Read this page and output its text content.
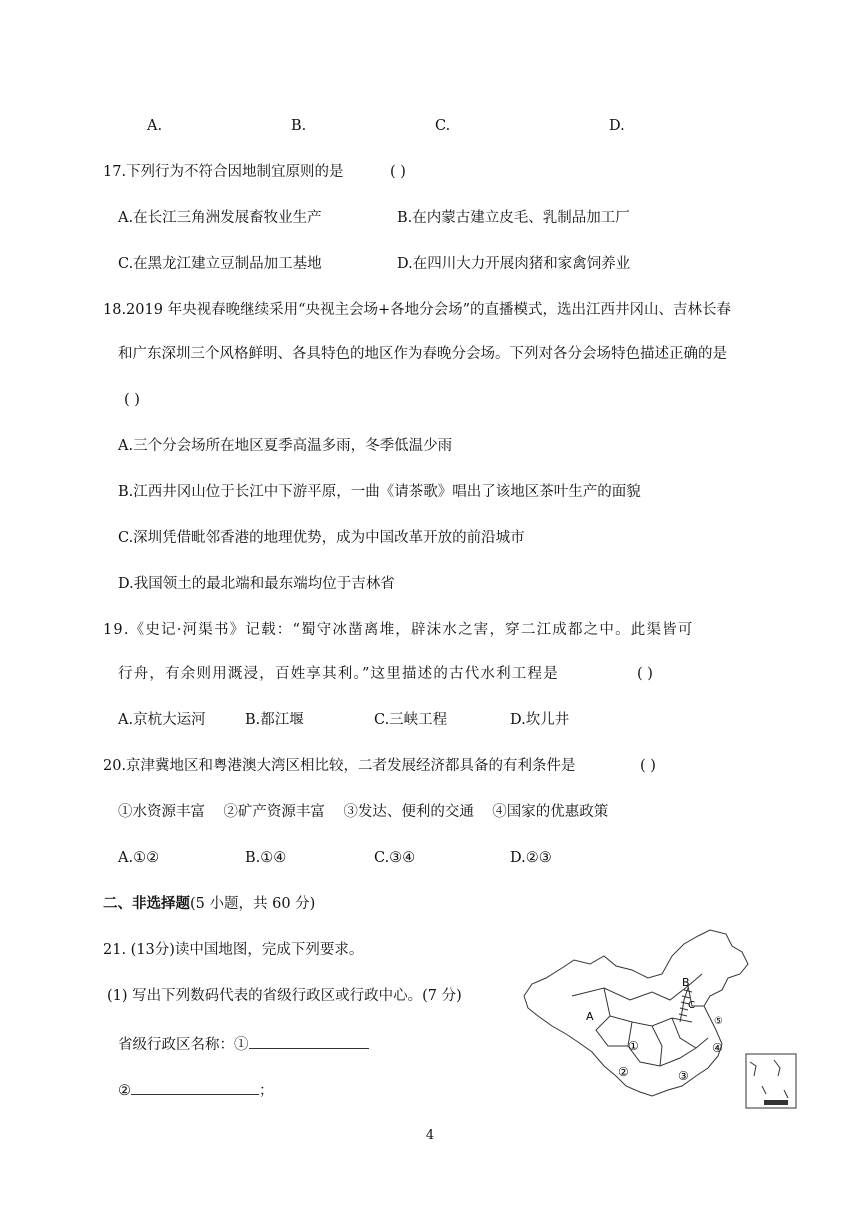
A.	B.	C.	D.
17.下列行为不符合因地制宜原则的是	( )
A.在长江三角洲发展畜牧业生产	B.在内蒙古建立皮毛、乳制品加工厂
C.在黑龙江建立豆制品加工基地	D.在四川大力开展肉猪和家禽饲养业
18.2019 年央视春晚继续采用“央视主会场+各地分会场”的直播模式，选出江西井冈山、吉林长春
和广东深圳三个风格鲜明、各具特色的地区作为春晚分会场。下列对各分会场特色描述正确的是
( )
A.三个分会场所在地区夏季高温多雨，冬季低温少雨
B.江西井冈山位于长江中下游平原，一曲《请茶歌》唱出了该地区茶叶生产的面貌
C.深圳凭借毗邻香港的地理优势，成为中国改革开放的前沿城市
D.我国领土的最北端和最东端均位于吉林省
19.《史记·河渠书》记载：“蜀守冰凿离堆，辟沫水之害，穿二江成都之中。此渠皆可
行舟，有余则用溉浸，百姓享其利。”这里描述的古代水利工程是	( )
A.京杭大运河	B.都江堰	C.三峡工程	D.坎儿井
20.京津冀地区和粤港澳大湾区相比较，二者发展经济都具备的有利条件是	( )
①水资源丰富    ②矿产资源丰富    ③发达、便利的交通    ④国家的优惠政策
A.①②	B.①④	C.③④	D.②③
二、非选择题(5 小题，共 60 分)
21. (13分)读中国地图，完成下列要求。
(1) 写出下列数码代表的省级行政区或行政中心。(7 分)
省级行政区名称：①
②	；
A
B
C
①
②	③
④
⑤
4
